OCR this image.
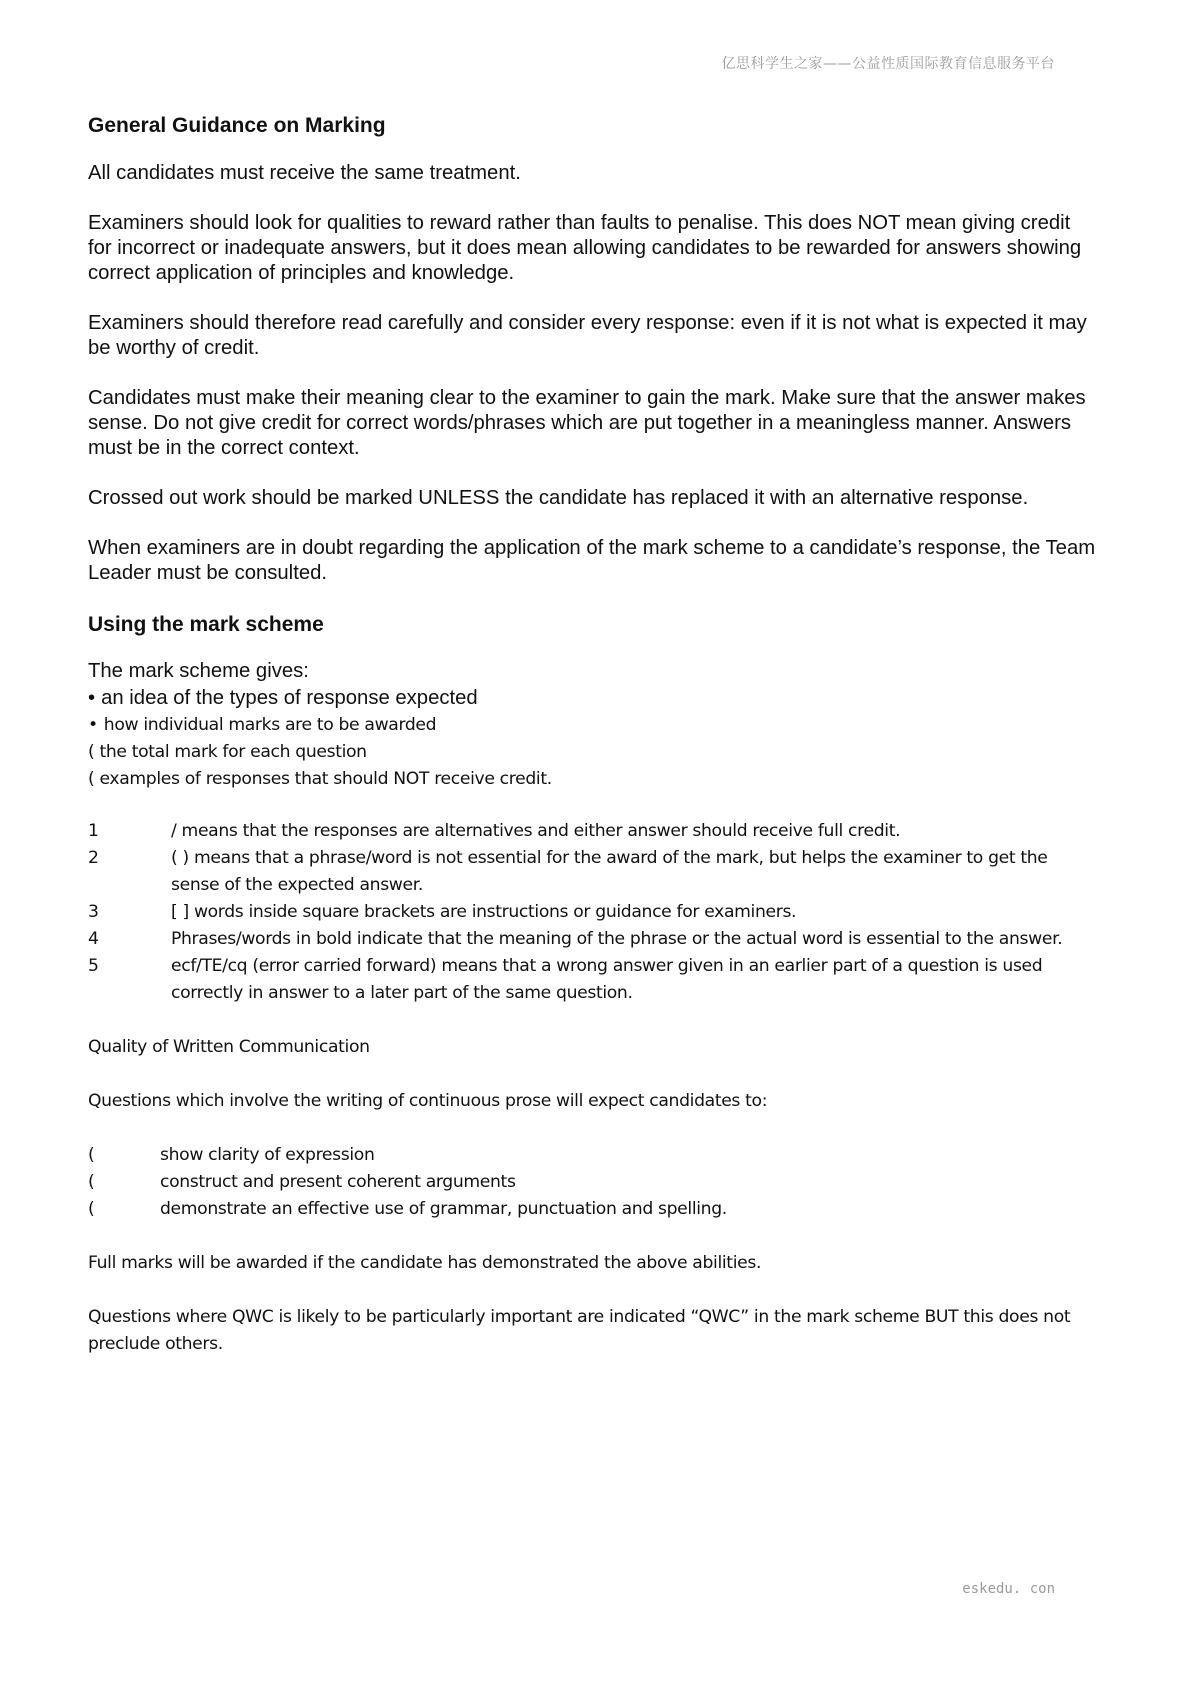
亿思科学生之家——公益性质国际教育信息服务平台
General Guidance on Marking

All candidates must receive the same treatment.

Examiners should look for qualities to reward rather than faults to penalise. This does NOT mean giving credit for incorrect or inadequate answers, but it does mean allowing candidates to be rewarded for answers showing correct application of principles and knowledge.

Examiners should therefore read carefully and consider every response: even if it is not what is expected it may be worthy of credit.

Candidates must make their meaning clear to the examiner to gain the mark. Make sure that the answer makes sense. Do not give credit for correct words/phrases which are put together in a meaningless manner. Answers must be in the correct context.

Crossed out work should be marked UNLESS the candidate has replaced it with an alternative response.

When examiners are in doubt regarding the application of the mark scheme to a candidate’s response, the Team Leader must be consulted.

Using the mark scheme

The mark scheme gives:

• an idea of the types of response expected

• how individual marks are to be awarded

( the total mark for each question

( examples of responses that should NOT receive credit.

1	/ means that the responses are alternatives and either answer should receive full credit.
2	( ) means that a phrase/word is not essential for the award of the mark, but helps the examiner to get the sense of the expected answer.
3	[ ] words inside square brackets are instructions or guidance for examiners.
4	Phrases/words in bold indicate that the meaning of the phrase or the actual word is essential to the answer.
5	ecf/TE/cq (error carried forward) means that a wrong answer given in an earlier part of a question is used correctly in answer to a later part of the same question.

Quality of Written Communication

Questions which involve the writing of continuous prose will expect candidates to:

(	show clarity of expression
(	construct and present coherent arguments
(	demonstrate an effective use of grammar, punctuation and spelling.

Full marks will be awarded if the candidate has demonstrated the above abilities.

Questions where QWC is likely to be particularly important are indicated “QWC” in the mark scheme BUT this does not preclude others.

eskedu. con
